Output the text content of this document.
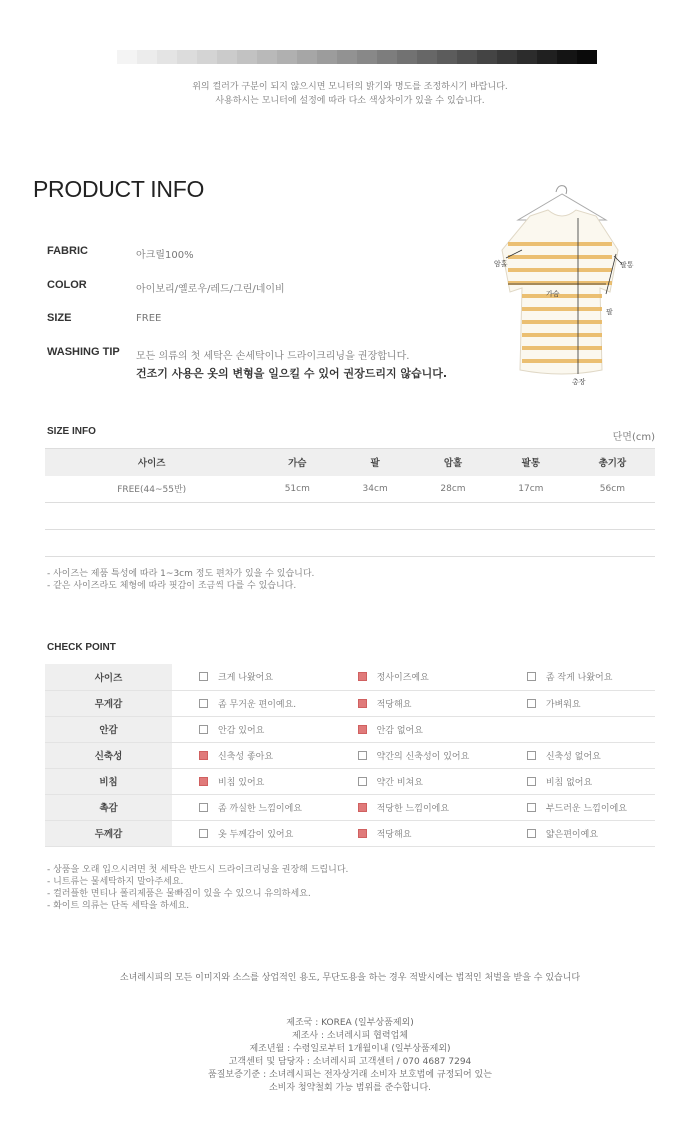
위의 컬러가 구분이 되지 않으시면 모니터의 밝기와 명도를 조정하시기 바랍니다.
사용하시는 모니터에 설정에 따라 다소 색상차이가 있을 수 있습니다.
PRODUCT INFO
FABRIC	아크릴100%
COLOR	아이보리/옐로우/레드/그린/네이비
SIZE	FREE
WASHING TIP 모든 의류의 첫 세탁은 손세탁이나 드라이크리닝을 권장합니다.
건조기 사용은 옷의 변형을 일으킬 수 있어 권장드리지 않습니다.
암홀
가슴
팔통
팔
총장
SIZE INFO
단면(cm)
사이즈	가슴	팔	암홀	팔통	총기장
FREE(44~55반)	51cm	34cm	28cm	17cm	56cm
- 사이즈는 제품 특성에 따라 1~3cm 정도 편차가 있을 수 있습니다.
- 같은 사이즈라도 체형에 따라 핏감이 조금씩 다를 수 있습니다.
CHECK POINT
사이즈	크게 나왔어요	정사이즈예요	좀 작게 나왔어요
무게감	좀 무거운 편이예요.	적당해요	가벼워요
안감	안감 있어요	안감 없어요	
신축성	신축성 좋아요	약간의 신축성이 있어요	신축성 없어요
비침	비침 있어요	약간 비쳐요	비침 없어요
촉감	좀 까실한 느낌이에요	적당한 느낌이에요	부드러운 느낌이에요
두께감	옷 두께감이 있어요	적당해요	얇은편이예요
- 상품을 오래 입으시려면 첫 세탁은 반드시 드라이크리닝을 권장해 드립니다.
- 니트류는 물세탁하지 말아주세요.
- 컬러플한 면티나 폴리제품은 물빠짐이 있을 수 있으니 유의하세요.
- 화이트 의류는 단독 세탁을 하세요.
소녀레시피의 모든 이미지와 소스를 상업적인 용도, 무단도용을 하는 경우 적발시에는 법적인 처벌을 받을 수 있습니다
제조국 : KOREA (일부상품제외)
제조사 : 소녀레시피 협력업체
제조년월 : 수령일로부터 1개월이내 (일부상품제외)
고객센터 및 담당자 : 소녀레시피 고객센터 / 070 4687 7294
품질보증기준 : 소녀레시피는 전자상거래 소비자 보호법에 규정되어 있는
소비자 청약철회 가능 범위를 준수합니다.
